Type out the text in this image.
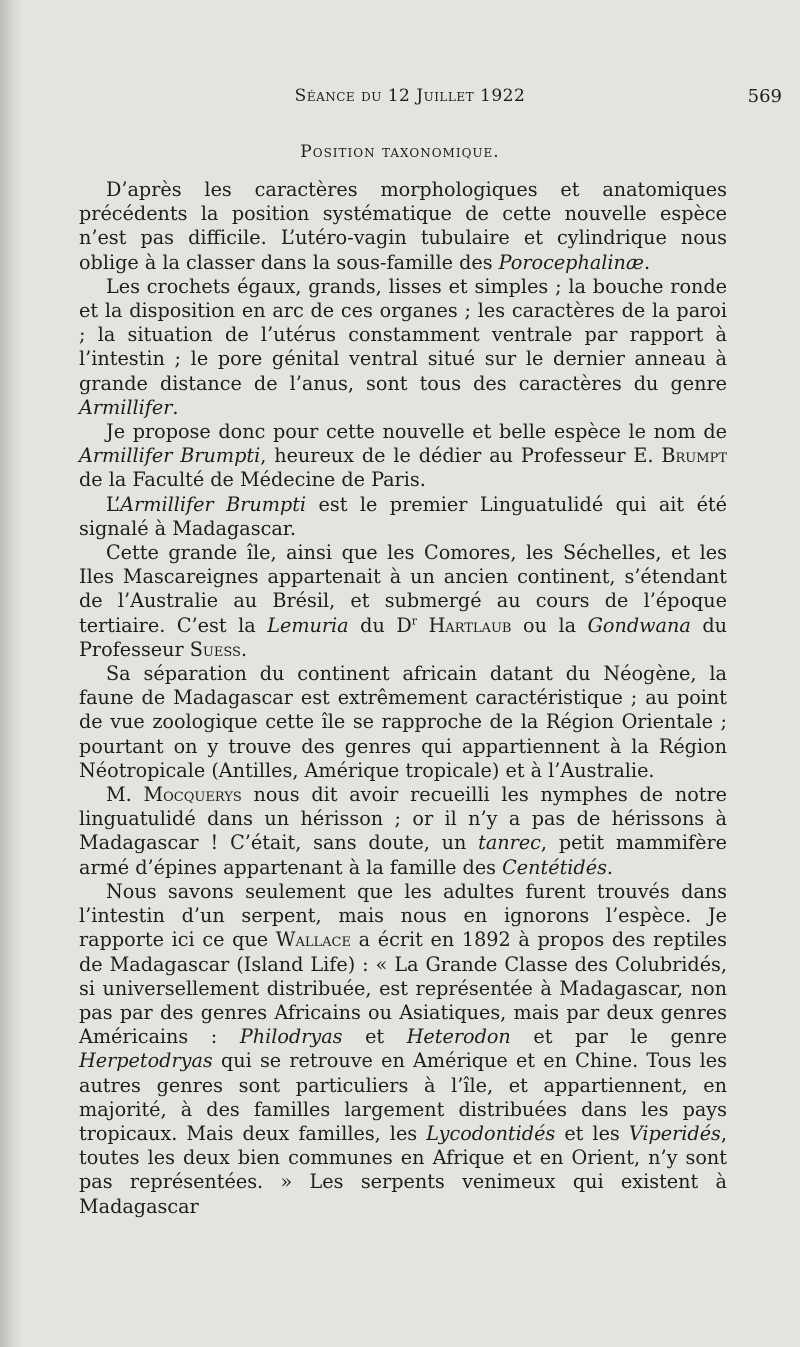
Séance du 12 Juillet 1922	569
Position taxonomique.

D’après les caractères morphologiques et anatomiques précédents la position systématique de cette nouvelle espèce n’est pas difficile. L’utéro-vagin tubulaire et cylindrique nous oblige à la classer dans la sous-famille des Porocephalinæ.

Les crochets égaux, grands, lisses et simples ; la bouche ronde et la disposition en arc de ces organes ; les caractères de la paroi ; la situation de l’utérus constamment ventrale par rapport à l’intestin ; le pore génital ventral situé sur le dernier anneau à grande distance de l’anus, sont tous des caractères du genre Armillifer.

Je propose donc pour cette nouvelle et belle espèce le nom de Armillifer Brumpti, heureux de le dédier au Professeur E. Brumpt de la Faculté de Médecine de Paris.

L’Armillifer Brumpti est le premier Linguatulidé qui ait été signalé à Madagascar.

Cette grande île, ainsi que les Comores, les Séchelles, et les Iles Mascareignes appartenait à un ancien continent, s’étendant de l’Australie au Brésil, et submergé au cours de l’époque tertiaire. C’est la Lemuria du $D^r$ Hartlaub ou la Gondwana du Professeur Suess.

Sa séparation du continent africain datant du Néogène, la faune de Madagascar est extrêmement caractéristique ; au point de vue zoologique cette île se rapproche de la Région Orientale ; pourtant on y trouve des genres qui appartiennent à la Région Néotropicale (Antilles, Amérique tropicale) et à l’Australie.

M. Mocquerys nous dit avoir recueilli les nymphes de notre linguatulidé dans un hérisson ; or il n’y a pas de hérissons à Madagascar ! C’était, sans doute, un tanrec, petit mammifère armé d’épines appartenant à la famille des Centétidés.

Nous savons seulement que les adultes furent trouvés dans l’intestin d’un serpent, mais nous en ignorons l’espèce. Je rapporte ici ce que Wallace a écrit en 1892 à propos des reptiles de Madagascar (Island Life) : « La Grande Classe des Colubridés, si universellement distribuée, est représentée à Madagascar, non pas par des genres Africains ou Asiatiques, mais par deux genres Américains : Philodryas et Heterodon et par le genre Herpetodryas qui se retrouve en Amérique et en Chine. Tous les autres genres sont particuliers à l’île, et appartiennent, en majorité, à des familles largement distribuées dans les pays tropicaux. Mais deux familles, les Lycodontidés et les Viperidés, toutes les deux bien communes en Afrique et en Orient, n’y sont pas représentées. » Les serpents venimeux qui existent à Madagascar
